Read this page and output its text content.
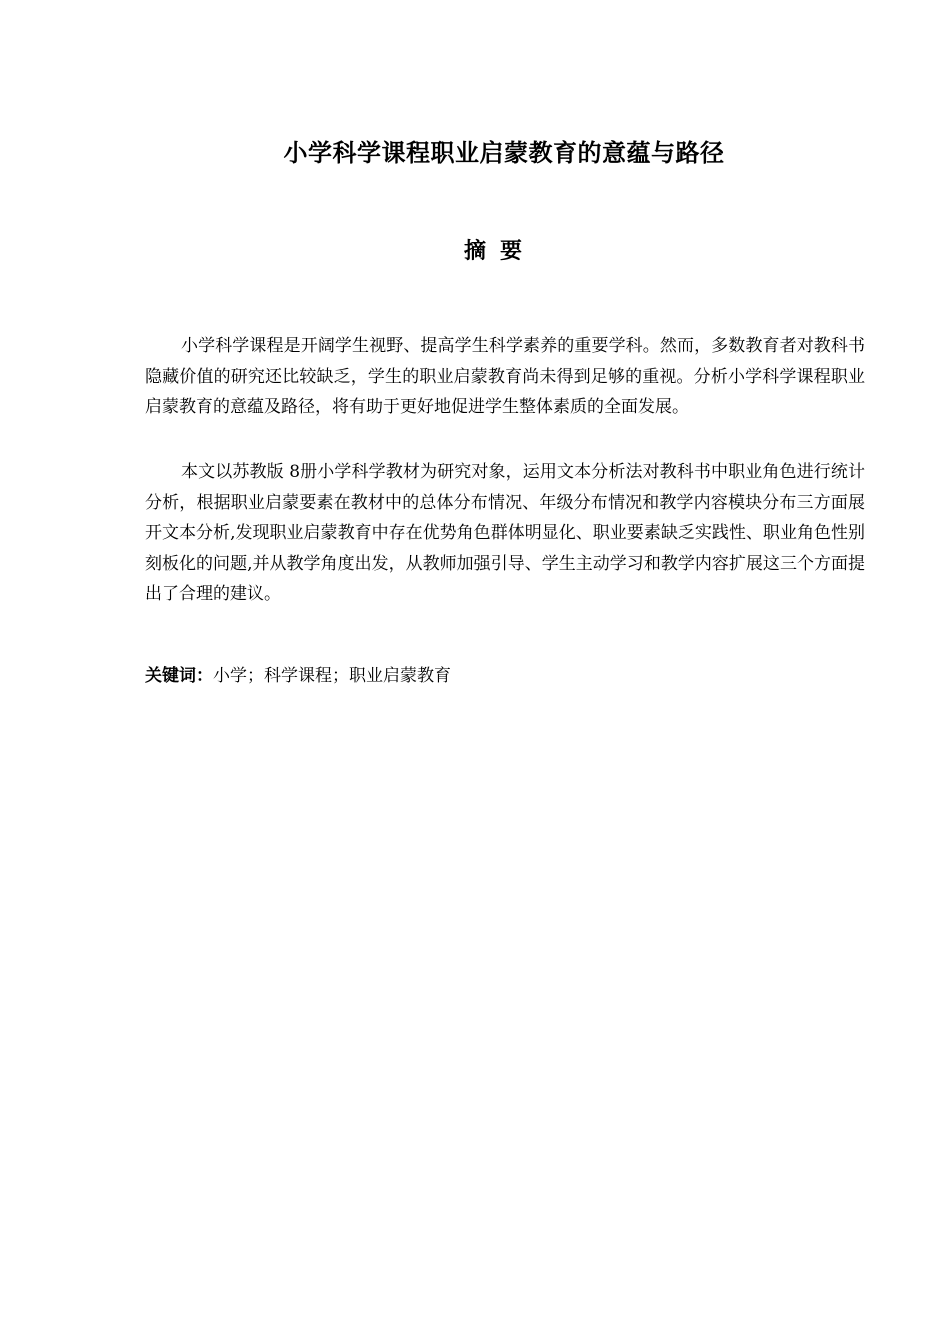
小学科学课程职业启蒙教育的意蕴与路径
摘要

小学科学课程是开阔学生视野、提高学生科学素养的重要学科。然而，多数教育者对教科书隐藏价值的研究还比较缺乏，学生的职业启蒙教育尚未得到足够的重视。分析小学科学课程职业启蒙教育的意蕴及路径，将有助于更好地促进学生整体素质的全面发展。

本文以苏教版 8册小学科学教材为研究对象，运用文本分析法对教科书中职业角色进行统计分析，根据职业启蒙要素在教材中的总体分布情况、年级分布情况和教学内容模块分布三方面展开文本分析,发现职业启蒙教育中存在优势角色群体明显化、职业要素缺乏实践性、职业角色性别刻板化的问题,并从教学角度出发，从教师加强引导、学生主动学习和教学内容扩展这三个方面提出了合理的建议。

关键词：小学；科学课程；职业启蒙教育
